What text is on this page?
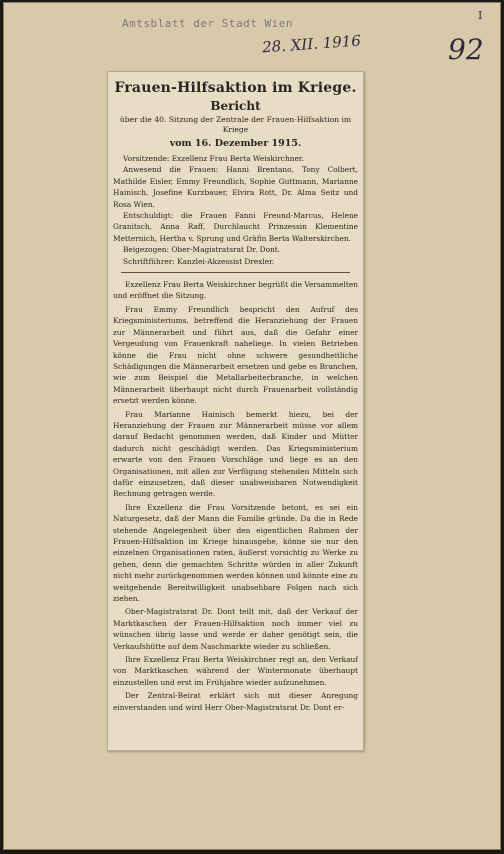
Amtsblatt der Stadt Wien
I
28. XII. 1916	92
Frauen-Hilfsaktion im Kriege.
Bericht
über die 40. Sitzung der Zentrale der Frauen-Hilfsaktion im Kriege
vom 16. Dezember 1915.
Vorsitzende: Exzellenz Frau Berta Weiskirchner.
Anwesend die Frauen: Hanni Brentano, Tony Colbert, Mathilde Eisler, Emmy Freundlich, Sophie Guttmann, Marianne Hainisch, Josefine Kurzbauer, Elvira Rott, Dr. Alma Seitz und Rosa Wien.
Entschuldigt: die Frauen Fanni Freund-Marcus, Helene Granitsch, Anna Raff, Durchlaucht Prinzessin Klementine Metternich, Hertha v. Sprung und Gräfin Berta Walterskirchen.
Beigezogen: Ober-Magistratsrat Dr. Dont.
Schriftführer: Kanzlei-Akzessist Drexler.
Exzellenz Frau Berta Weiskirchner begrüßt die Versammelten und eröffnet die Sitzung.
Frau Emmy Freundlich bespricht den Aufruf des Kriegsministeriums, betreffend die Heranziehung der Frauen zur Männerarbeit und führt aus, daß die Gefahr einer Vergeudung von Frauenkraft naheliege. In vielen Betrieben könne die Frau nicht ohne schwere gesundheitliche Schädigungen die Männerarbeit ersetzen und gebe es Branchen, wie zum Beispiel die Metallarbeiterbranche, in welchen Männerarbeit überhaupt nicht durch Frauenarbeit vollständig ersetzt werden könne.
Frau Marianne Hainisch bemerkt hiezu, bei der Heranziehung der Frauen zur Männerarbeit müsse vor allem darauf Bedacht genommen werden, daß Kinder und Mütter dadurch nicht geschädigt werden. Das Kriegsministerium erwarte von den Frauen Vorschläge und liege es an den Organisationen, mit allen zur Verfügung stehenden Mitteln sich dafür einzusetzen, daß dieser unabweisbaren Notwendigkeit Rechnung getragen werde.
Ihre Exzellenz die Frau Vorsitzende betont, es sei ein Naturgesetz, daß der Mann die Familie gründe. Da die in Rede stehende Angelegenheit über den eigentlichen Rahmen der Frauen-Hilfsaktion im Kriege hinausgehe, könne sie nur den einzelnen Organisationen raten, äußerst vorsichtig zu Werke zu gehen, denn die gemachten Schritte würden in aller Zukunft nicht mehr zurückgenommen werden können und könnte eine zu weitgehende Bereitwilligkeit unabsehbare Folgen nach sich ziehen.
Ober-Magistratsrat Dr. Dont teilt mit, daß der Verkauf der Marktkaschen der Frauen-Hilfsaktion noch immer viel zu wünschen übrig lasse und werde er daher genötigt sein, die Verkaufshütte auf dem Naschmarkte wieder zu schließen.
Ihre Exzellenz Frau Berta Weiskirchner regt an, den Verkauf von Marktkaschen während der Wintermonate überhaupt einzustellen und erst im Frühjahre wieder aufzunehmen.
Der Zentral-Beirat erklärt sich mit dieser Anregung einverstanden und wird Herr Ober-Magistratsrat Dr. Dont er-
